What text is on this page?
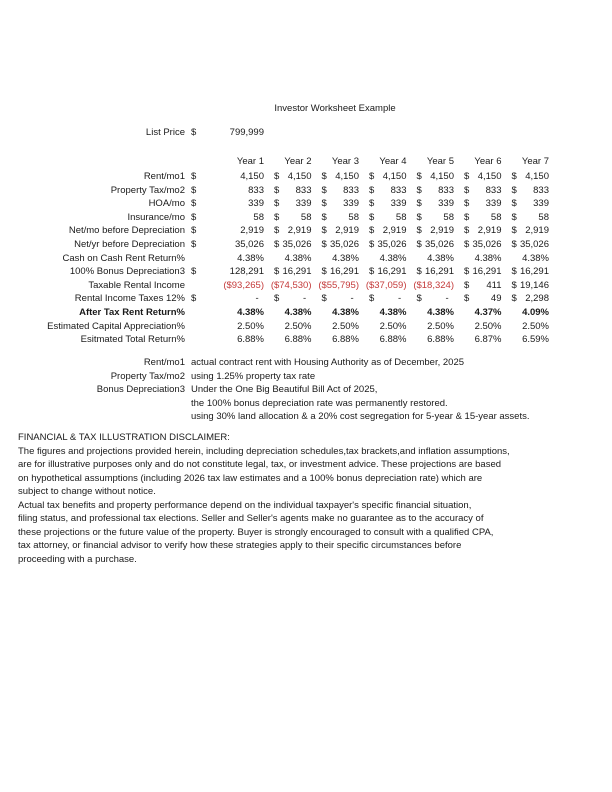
Investor Worksheet Example
List Price $	799,999
Year 1 Year 2 Year 3 Year 4 Year 5 Year 6 Year 7
Rent/mo1 $	4,150 $ 4,150 $ 4,150 $ 4,150 $ 4,150 $ 4,150 $ 4,150
Property Tax/mo2 $	833 $ 833 $ 833 $ 833 $ 833 $ 833 $ 833
HOA/mo $	339 $ 339 $ 339 $ 339 $ 339 $ 339 $ 339
Insurance/mo $	58 $ 58 $ 58 $ 58 $ 58 $ 58 $ 58
Net/mo before Depreciation $	2,919 $ 2,919 $ 2,919 $ 2,919 $ 2,919 $ 2,919 $ 2,919
Net/yr before Depreciation $	35,026 $ 35,026 $ 35,026 $ 35,026 $ 35,026 $ 35,026 $ 35,026
Cash on Cash Rent Return%	4.38% 4.38% 4.38% 4.38% 4.38% 4.38% 4.38%
100% Bonus Depreciation3 $	128,291 $ 16,291 $ 16,291 $ 16,291 $ 16,291 $ 16,291 $ 16,291
Taxable Rental Income	($93,265) ($74,530) ($55,795) ($37,059) ($18,324) $ 411 $ 19,146
Rental Income Taxes 12% $	- $	- $	- $	- $	- $ 49 $ 2,298
After Tax Rent Return%	4.38% 4.38% 4.38% 4.38% 4.38% 4.37% 4.09%
Estimated Capital Appreciation%	2.50% 2.50% 2.50% 2.50% 2.50% 2.50% 2.50%
Esitmated Total Return%	6.88% 6.88% 6.88% 6.88% 6.88% 6.87% 6.59%
Rent/mo1 actual contract rent with Housing Authority as of December, 2025
Property Tax/mo2 using 1.25% property tax rate
Bonus Depreciation3 Under the One Big Beautiful Bill Act of 2025,
the 100% bonus depreciation rate was permanently restored.
using 30% land allocation & a 20% cost segregation for 5-year & 15-year assets.
FINANCIAL & TAX ILLUSTRATION DISCLAIMER:
The figures and projections provided herein, including depreciation schedules,tax brackets,and inflation assumptions,
are for illustrative purposes only and do not constitute legal, tax, or investment advice. These projections are based
on hypothetical assumptions (including 2026 tax law estimates and a 100% bonus depreciation rate) which are
subject to change without notice.
Actual tax benefits and property performance depend on the individual taxpayer's specific financial situation,
filing status, and professional tax elections. Seller and Seller's agents make no guarantee as to the accuracy of
these projections or the future value of the property. Buyer is strongly encouraged to consult with a qualified CPA,
tax attorney, or financial advisor to verify how these strategies apply to their specific circumstances before
proceeding with a purchase.
